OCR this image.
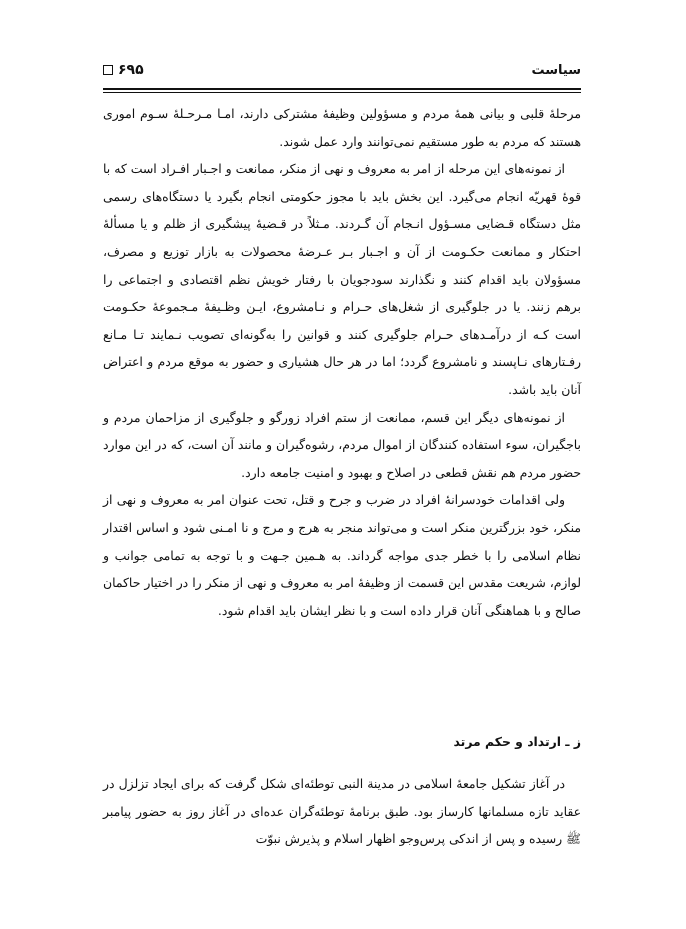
سیاست
۶۹۵

مرحلهٔ قلبی و بیانی همهٔ مردم و مسؤولین وظیفهٔ مشترکی دارند، امـا مـرحـلهٔ سـوم اموری هستند که مردم به طور مستقیم نمی‌توانند وارد عمل شوند.

از نمونه‌های این مرحله از امر به معروف و نهی از منکر، ممانعت و اجـبار افـراد است که با قوهٔ قهریّه انجام می‌گیرد. این بخش باید با مجوز حکومتی انجام بگیرد یا دستگاه‌های رسمی مثل دستگاه قـضایی مسـؤول انـجام آن گـردند. مـثلاً در قـضیهٔ پیشگیری از ظلم و یا مسألهٔ احتکار و ممانعت حکـومت از آن و اجـبار بـر عـرضهٔ محصولات به بازار توزیع و مصرف، مسؤولان باید اقدام کنند و نگذارند سودجویان با رفتار خویش نظم اقتصادی و اجتماعی را برهم زنند. یا در جلوگیری از شغل‌های حـرام و نـامشروع، ایـن وظـیفهٔ مـجموعهٔ حکـومت است کـه از درآمـدهای حـرام جلوگیری کنند و قوانین را به‌گونه‌ای تصویب نـمایند تـا مـانع رفـتارهای نـاپسند و نامشروع گردد؛ اما در هر حال هشیاری و حضور به موقع مردم و اعتراض آنان باید باشد.

از نمونه‌های دیگر این قسم، ممانعت از ستم افراد زورگو و جلوگیری از مزاحمان مردم و باجگیران، سوء استفاده کنندگان از اموال مردم، رشوه‌گیران و مانند آن است، که در این موارد حضور مردم هم نقش قطعی در اصلاح و بهبود و امنیت جامعه دارد.

ولی اقدامات خودسرانهٔ افراد در ضرب و جرح و قتل، تحت عنوان امر به معروف و نهی از منکر، خود بزرگترین منکر است و می‌تواند منجر به هرج و مرج و نا امـنی شود و اساس اقتدار نظام اسلامی را با خطر جدی مواجه گرداند. به هـمین جـهت و با توجه به تمامی جوانب و لوازم، شریعت مقدس این قسمت از وظیفهٔ امر به معروف و نهی از منکر را در اختیار حاکمان صالح و با هماهنگی آنان قرار داده است و با نظر ایشان باید اقدام شود.

ز ـ ارتداد و حکم مرتد

در آغاز تشکیل جامعهٔ اسلامی در مدینة النبی توطئه‌ای شکل گرفت که برای ایجاد تزلزل در عقاید تازه مسلمانها کارساز بود. طبق برنامهٔ توطئه‌گران عده‌ای در آغاز روز به حضور پیامبر ﷺ رسیده و پس از اندکی پرس‌وجو اظهار اسلام و پذیرش نبوّت
